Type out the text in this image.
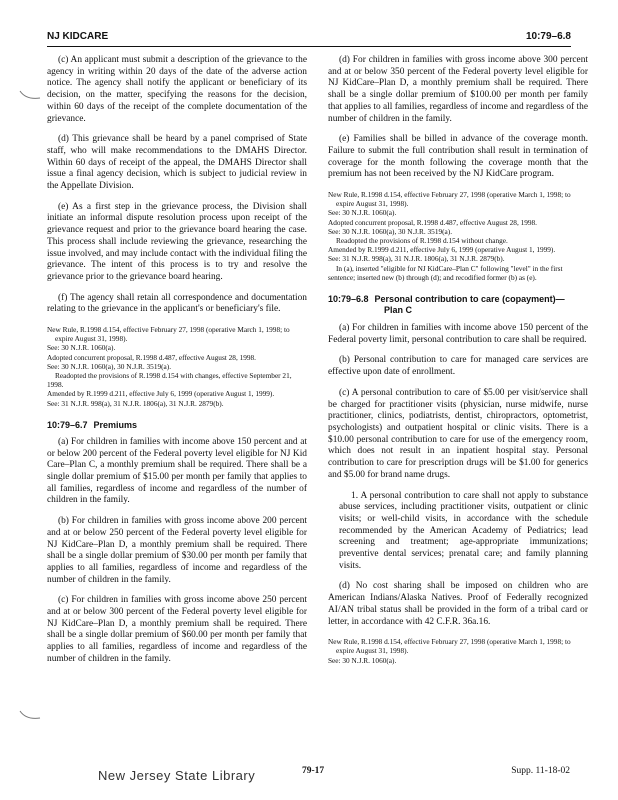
NJ KIDCARE	10:79–6.8

(c) An applicant must submit a description of the grievance to the agency in writing within 20 days of the date of the adverse action notice. The agency shall notify the applicant or beneficiary of its decision, on the matter, specifying the reasons for the decision, within 60 days of the receipt of the complete documentation of the grievance.

(d) This grievance shall be heard by a panel comprised of State staff, who will make recommendations to the DMAHS Director. Within 60 days of receipt of the appeal, the DMAHS Director shall issue a final agency decision, which is subject to judicial review in the Appellate Division.

(e) As a first step in the grievance process, the Division shall initiate an informal dispute resolution process upon receipt of the grievance request and prior to the grievance board hearing the case. This process shall include reviewing the grievance, researching the issue involved, and may include contact with the individual filing the grievance. The intent of this process is to try and resolve the grievance prior to the grievance board hearing.

(f) The agency shall retain all correspondence and documentation relating to the grievance in the applicant's or beneficiary's file.

New Rule, R.1998 d.154, effective February 27, 1998 (operative March 1, 1998; to expire August 31, 1998).
See: 30 N.J.R. 1060(a).
Adopted concurrent proposal, R.1998 d.487, effective August 28, 1998.
See: 30 N.J.R. 1060(a), 30 N.J.R. 3519(a).
Readopted the provisions of R.1998 d.154 with changes, effective September 21, 1998.
Amended by R.1999 d.211, effective July 6, 1999 (operative August 1, 1999).
See: 31 N.J.R. 998(a), 31 N.J.R. 1806(a), 31 N.J.R. 2879(b).
10:79–6.7 Premiums

(a) For children in families with income above 150 percent and at or below 200 percent of the Federal poverty level eligible for NJ Kid Care–Plan C, a monthly premium shall be required. There shall be a single dollar premium of $15.00 per month per family that applies to all families, regardless of income and regardless of the number of children in the family.

(b) For children in families with gross income above 200 percent and at or below 250 percent of the Federal poverty level eligible for NJ KidCare–Plan D, a monthly premium shall be required. There shall be a single dollar premium of $30.00 per month per family that applies to all families, regardless of income and regardless of the number of children in the family.

(c) For children in families with gross income above 250 percent and at or below 300 percent of the Federal poverty level eligible for NJ KidCare–Plan D, a monthly premium shall be required. There shall be a single dollar premium of $60.00 per month per family that applies to all families, regardless of income and regardless of the number of children in the family.

(d) For children in families with gross income above 300 percent and at or below 350 percent of the Federal poverty level eligible for NJ KidCare–Plan D, a monthly premium shall be required. There shall be a single dollar premium of $100.00 per month per family that applies to all families, regardless of income and regardless of the number of children in the family.

(e) Families shall be billed in advance of the coverage month. Failure to submit the full contribution shall result in termination of coverage for the month following the coverage month that the premium has not been received by the NJ KidCare program.

New Rule, R.1998 d.154, effective February 27, 1998 (operative March 1, 1998; to expire August 31, 1998).
See: 30 N.J.R. 1060(a).
Adopted concurrent proposal, R.1998 d.487, effective August 28, 1998.
See: 30 N.J.R. 1060(a), 30 N.J.R. 3519(a).
Readopted the provisions of R.1998 d.154 without change.
Amended by R.1999 d.211, effective July 6, 1999 (operative August 1, 1999).
See: 31 N.J.R. 998(a), 31 N.J.R. 1806(a), 31 N.J.R. 2879(b).
In (a), inserted "eligible for NJ KidCare–Plan C" following "level" in the first sentence; inserted new (b) through (d); and recodified former (b) as (e).
10:79–6.8 Personal contribution to care (copayment)—
Plan C

(a) For children in families with income above 150 percent of the Federal poverty limit, personal contribution to care shall be required.

(b) Personal contribution to care for managed care services are effective upon date of enrollment.

(c) A personal contribution to care of $5.00 per visit/service shall be charged for practitioner visits (physician, nurse midwife, nurse practitioner, clinics, podiatrists, dentist, chiropractors, optometrist, psychologists) and outpatient hospital or clinic visits. There is a $10.00 personal contribution to care for use of the emergency room, which does not result in an inpatient hospital stay. Personal contribution to care for prescription drugs will be $1.00 for generics and $5.00 for brand name drugs.

1. A personal contribution to care shall not apply to substance abuse services, including practitioner visits, outpatient or clinic visits; or well-child visits, in accordance with the schedule recommended by the American Academy of Pediatrics; lead screening and treatment; age-appropriate immunizations; preventive dental services; prenatal care; and family planning visits.

(d) No cost sharing shall be imposed on children who are American Indians/Alaska Natives. Proof of Federally recognized AI/AN tribal status shall be provided in the form of a tribal card or letter, in accordance with 42 C.F.R. 36a.16.

New Rule, R.1998 d.154, effective February 27, 1998 (operative March 1, 1998; to expire August 31, 1998).
See: 30 N.J.R. 1060(a).
New Jersey State Library	79-17	Supp. 11-18-02
